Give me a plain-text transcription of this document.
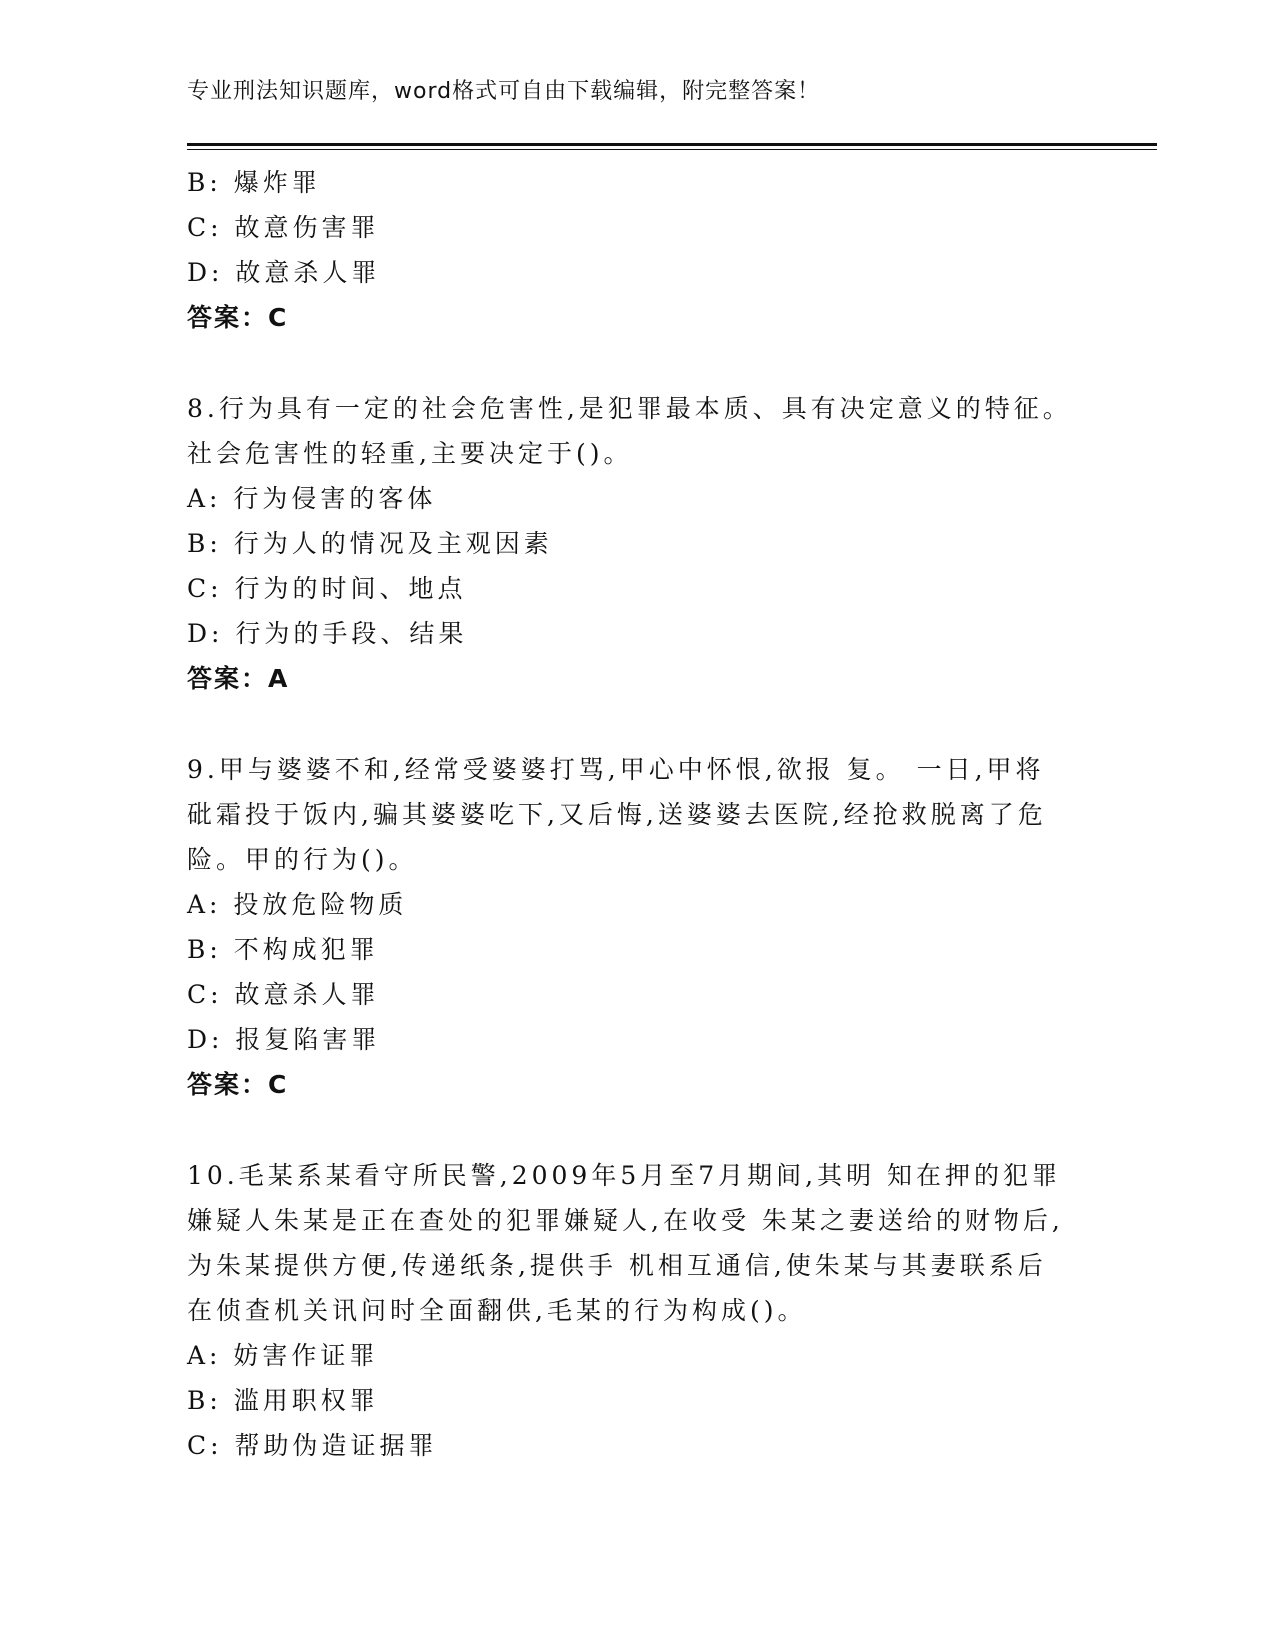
专业刑法知识题库，word格式可自由下载编辑，附完整答案！
B: 爆炸罪
C: 故意伤害罪
D: 故意杀人罪
答案：C
8.行为具有一定的社会危害性,是犯罪最本质、具有决定意义的特征。
社会危害性的轻重,主要决定于()。
A: 行为侵害的客体
B: 行为人的情况及主观因素
C: 行为的时间、地点
D: 行为的手段、结果
答案：A
9.甲与婆婆不和,经常受婆婆打骂,甲心中怀恨,欲报 复。 一日,甲将
砒霜投于饭内,骗其婆婆吃下,又后悔,送婆婆去医院,经抢救脱离了危
险。甲的行为()。
A: 投放危险物质
B: 不构成犯罪
C: 故意杀人罪
D: 报复陷害罪
答案：C
10.毛某系某看守所民警,2009年5月至7月期间,其明 知在押的犯罪
嫌疑人朱某是正在查处的犯罪嫌疑人,在收受 朱某之妻送给的财物后,
为朱某提供方便,传递纸条,提供手 机相互通信,使朱某与其妻联系后
在侦查机关讯问时全面翻供,毛某的行为构成()。
A: 妨害作证罪
B: 滥用职权罪
C: 帮助伪造证据罪
